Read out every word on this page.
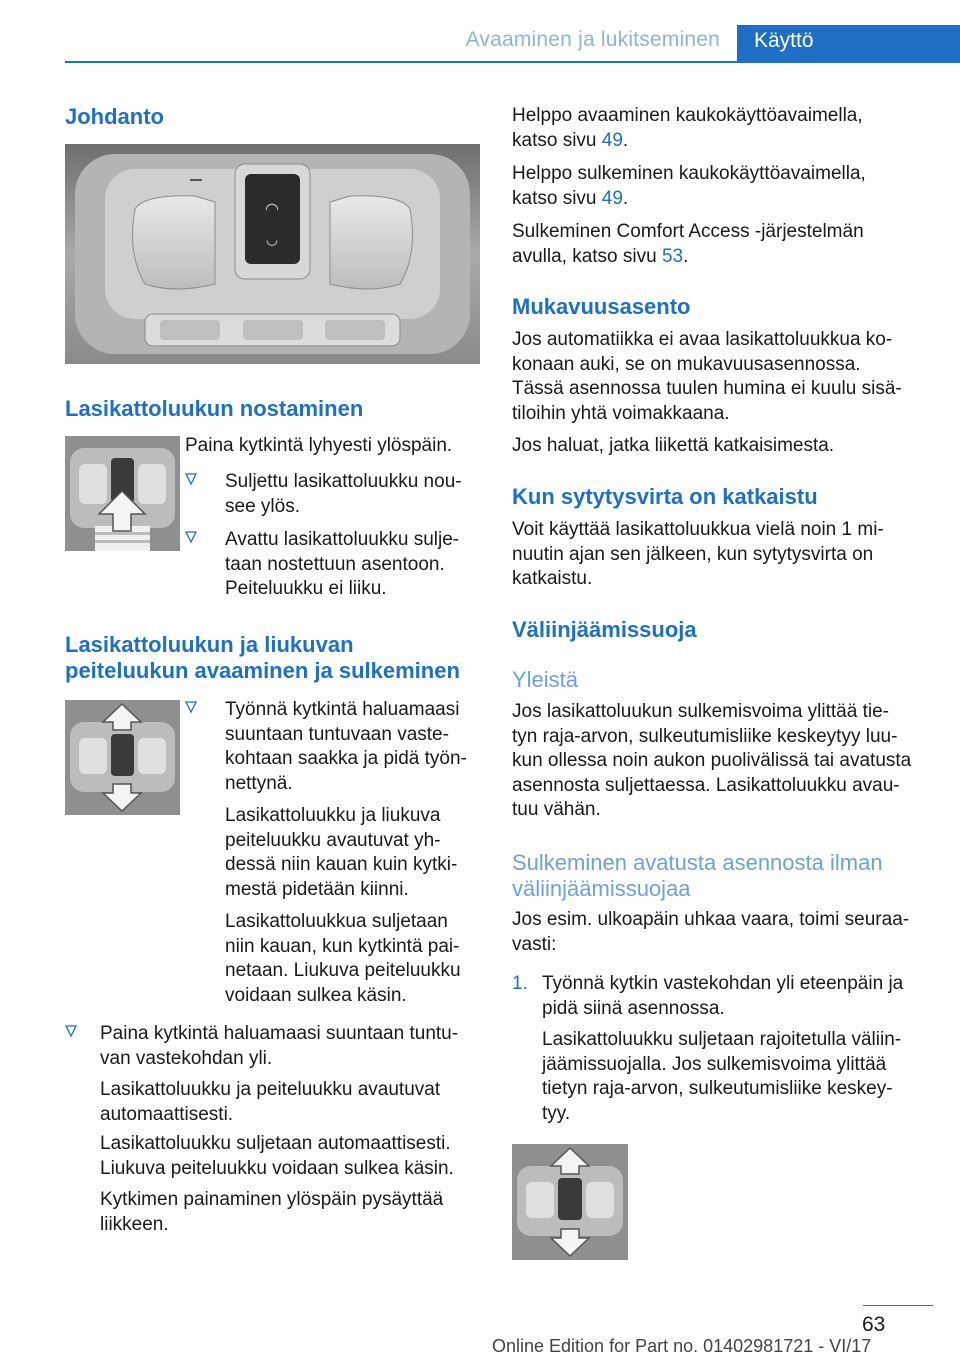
Avaaminen ja lukitseminen	Käyttö
Johdanto
◠
◡
Lasikattoluukun nostaminen

Paina kytkintä lyhyesti ylöspäin.

Suljettu lasikattoluukku nou-
see ylös.

Avattu lasikattoluukku sulje-
taan nostettuun asentoon.
Peiteluukku ei liiku.

Lasikattoluukun ja liukuvan
peiteluukun avaaminen ja sulkeminen

Työnnä kytkintä haluamaasi
suuntaan tuntuvaan vaste-
kohtaan saakka ja pidä työn-
nettynä.

Lasikattoluukku ja liukuva
peiteluukku avautuvat yh-
dessä niin kauan kuin kytki-
mestä pidetään kiinni.

Lasikattoluukkua suljetaan
niin kauan, kun kytkintä pai-
netaan. Liukuva peiteluukku
voidaan sulkea käsin.

Paina kytkintä haluamaasi suuntaan tuntu-
van vastekohdan yli.

Lasikattoluukku ja peiteluukku avautuvat
automaattisesti.

Lasikattoluukku suljetaan automaattisesti.
Liukuva peiteluukku voidaan sulkea käsin.

Kytkimen painaminen ylöspäin pysäyttää
liikkeen.

Helppo avaaminen kaukokäyttöavaimella,
katso sivu 49.

Helppo sulkeminen kaukokäyttöavaimella,
katso sivu 49.

Sulkeminen Comfort Access -järjestelmän
avulla, katso sivu 53.

Mukavuusasento

Jos automatiikka ei avaa lasikattoluukkua ko-
konaan auki, se on mukavuusasennossa.
Tässä asennossa tuulen humina ei kuulu sisä-
tiloihin yhtä voimakkaana.

Jos haluat, jatka liikettä katkaisimesta.

Kun sytytysvirta on katkaistu

Voit käyttää lasikattoluukkua vielä noin 1 mi-
nuutin ajan sen jälkeen, kun sytytysvirta on
katkaistu.

Väliinjäämissuoja
Yleistä

Jos lasikattoluukun sulkemisvoima ylittää tie-
tyn raja-arvon, sulkeutumisliike keskeytyy luu-
kun ollessa noin aukon puolivälissä tai avatusta
asennosta suljettaessa. Lasikattoluukku avau-
tuu vähän.

Sulkeminen avatusta asennosta ilman
väliinjäämissuojaa

Jos esim. ulkoapäin uhkaa vaara, toimi seuraa-
vasti:

1. Työnnä kytkin vastekohdan yli eteenpäin ja
pidä siinä asennossa.

Lasikattoluukku suljetaan rajoitetulla väliin-
jäämissuojalla. Jos sulkemisvoima ylittää
tietyn raja-arvon, sulkeutumisliike keskey-
tyy.

63
Online Edition for Part no. 01402981721 - VI/17
